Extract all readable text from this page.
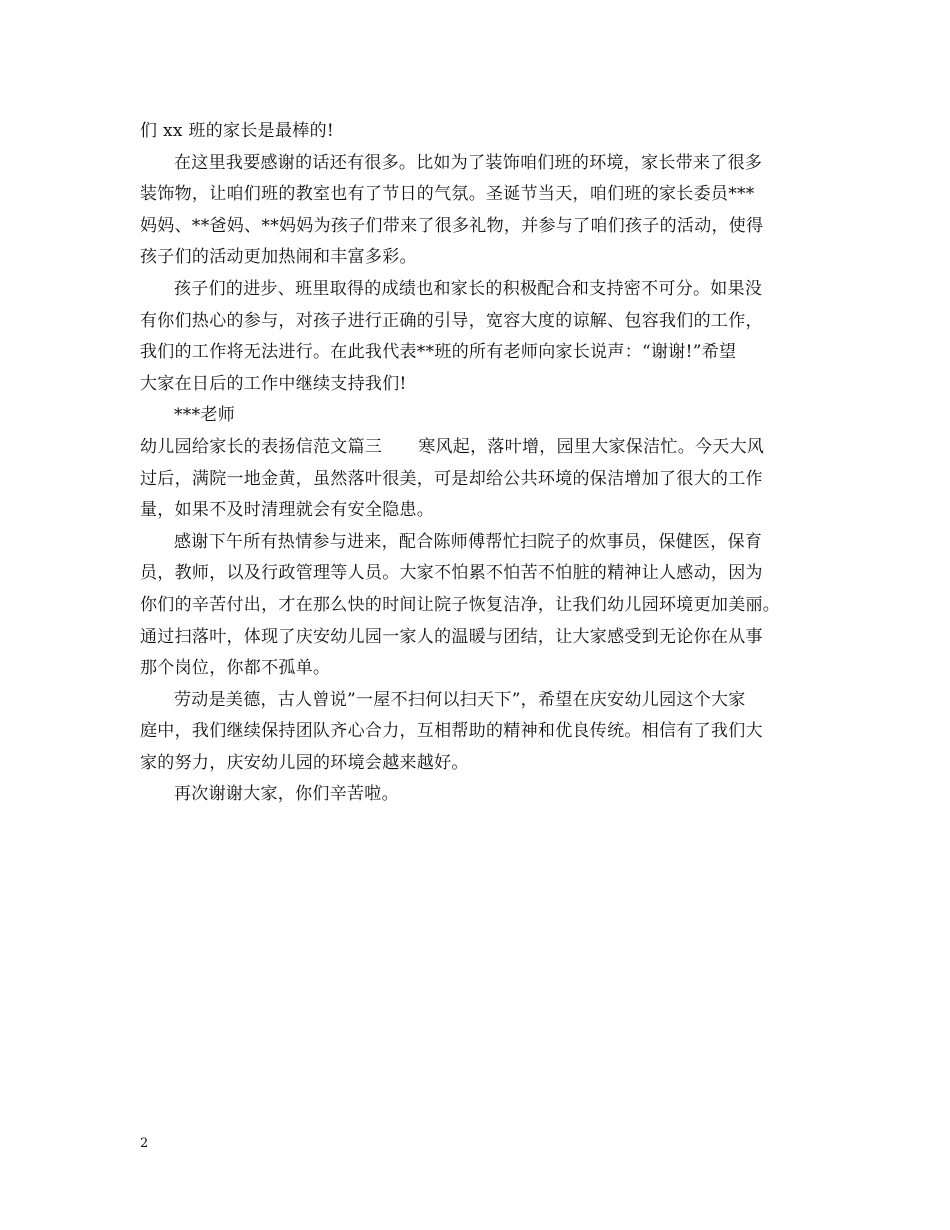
们 xx 班的家长是最棒的!
在这里我要感谢的话还有很多。比如为了装饰咱们班的环境，家长带来了很多
装饰物，让咱们班的教室也有了节日的气氛。圣诞节当天，咱们班的家长委员***
妈妈、**爸妈、**妈妈为孩子们带来了很多礼物，并参与了咱们孩子的活动，使得
孩子们的活动更加热闹和丰富多彩。
孩子们的进步、班里取得的成绩也和家长的积极配合和支持密不可分。如果没
有你们热心的参与，对孩子进行正确的引导，宽容大度的谅解、包容我们的工作，
我们的工作将无法进行。在此我代表**班的所有老师向家长说声：“谢谢!”希望
大家在日后的工作中继续支持我们!
***老师
幼儿园给家长的表扬信范文篇三 寒风起，落叶增，园里大家保洁忙。今天大风
过后，满院一地金黄，虽然落叶很美，可是却给公共环境的保洁增加了很大的工作
量，如果不及时清理就会有安全隐患。
感谢下午所有热情参与进来，配合陈师傅帮忙扫院子的炊事员，保健医，保育
员，教师，以及行政管理等人员。大家不怕累不怕苦不怕脏的精神让人感动，因为
你们的辛苦付出，才在那么快的时间让院子恢复洁净，让我们幼儿园环境更加美丽。
通过扫落叶，体现了庆安幼儿园一家人的温暖与团结，让大家感受到无论你在从事
那个岗位，你都不孤单。
劳动是美德，古人曾说”一屋不扫何以扫天下”，希望在庆安幼儿园这个大家
庭中，我们继续保持团队齐心合力，互相帮助的精神和优良传统。相信有了我们大
家的努力，庆安幼儿园的环境会越来越好。
再次谢谢大家，你们辛苦啦。
2
